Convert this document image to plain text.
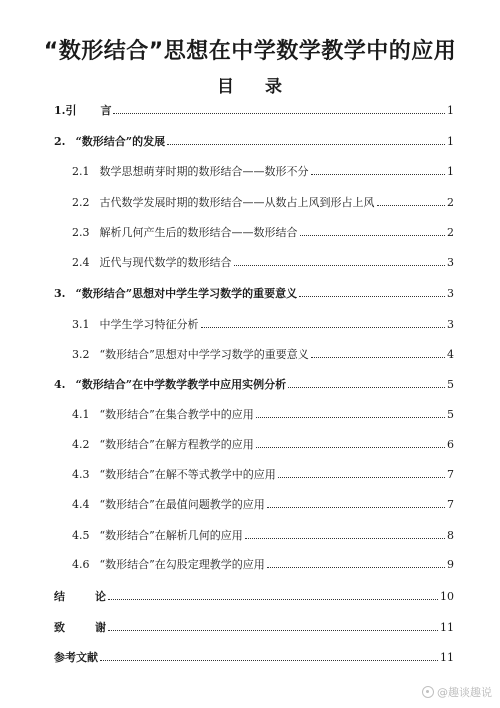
“数形结合”思想在中学数学教学中的应用
目 录
1.引 言	1
2. “数形结合”的发展	1
2.1 数学思想萌芽时期的数形结合——数形不分	1
2.2 古代数学发展时期的数形结合——从数占上风到形占上风	2
2.3 解析几何产生后的数形结合——数形结合	2
2.4 近代与现代数学的数形结合	3
3. “数形结合”思想对中学生学习数学的重要意义	3
3.1 中学生学习特征分析	3
3.2 “数形结合”思想对中学学习数学的重要意义	4
4. “数形结合”在中学数学教学中应用实例分析	5
4.1 “数形结合”在集合教学中的应用	5
4.2 “数形结合”在解方程教学的应用	6
4.3 “数形结合”在解不等式教学中的应用	7
4.4 “数形结合”在最值问题教学的应用	7
4.5 “数形结合”在解析几何的应用	8
4.6 “数形结合”在勾股定理教学的应用	9
结	论	10
致	谢	11
参考文献	11
@趣谈趣说
